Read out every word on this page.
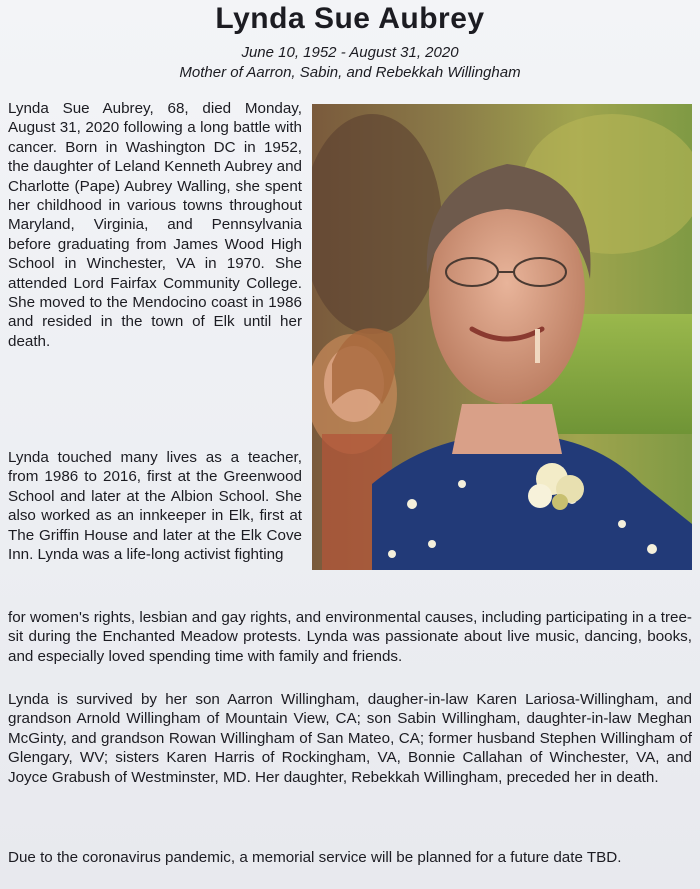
Lynda Sue Aubrey
June 10, 1952 - August 31, 2020
Mother of Aarron, Sabin, and Rebekkah Willingham

Lynda Sue Aubrey, 68, died Monday, August 31, 2020 following a long battle with cancer. Born in Washington DC in 1952, the daughter of Leland Kenneth Aubrey and Charlotte (Pape) Aubrey Walling, she spent her childhood in various towns throughout Maryland, Virginia, and Pennsylvania before graduating from James Wood High School in Winchester, VA in 1970. She attended Lord Fairfax Community College. She moved to the Mendocino coast in 1986 and resided in the town of Elk until her death.

Lynda touched many lives as a teacher, from 1986 to 2016, first at the Greenwood School and later at the Albion School. She also worked as an innkeeper in Elk, first at The Griffin House and later at the Elk Cove Inn. Lynda was a life-long activist fighting

for women's rights, lesbian and gay rights, and environmental causes, including participating in a tree-sit during the Enchanted Meadow protests. Lynda was passionate about live music, dancing, books, and especially loved spending time with family and friends.

Lynda is survived by her son Aarron Willingham, daugher-in-law Karen Lariosa-Willingham, and grandson Arnold Willingham of Mountain View, CA; son Sabin Willingham, daughter-in-law Meghan McGinty, and grandson Rowan Willingham of San Mateo, CA; former husband Stephen Willingham of Glengary, WV; sisters Karen Harris of Rockingham, VA, Bonnie Callahan of Winchester, VA, and Joyce Grabush of Westminster, MD. Her daughter, Rebekkah Willingham, preceded her in death.

Due to the coronavirus pandemic, a memorial service will be planned for a future date TBD.
